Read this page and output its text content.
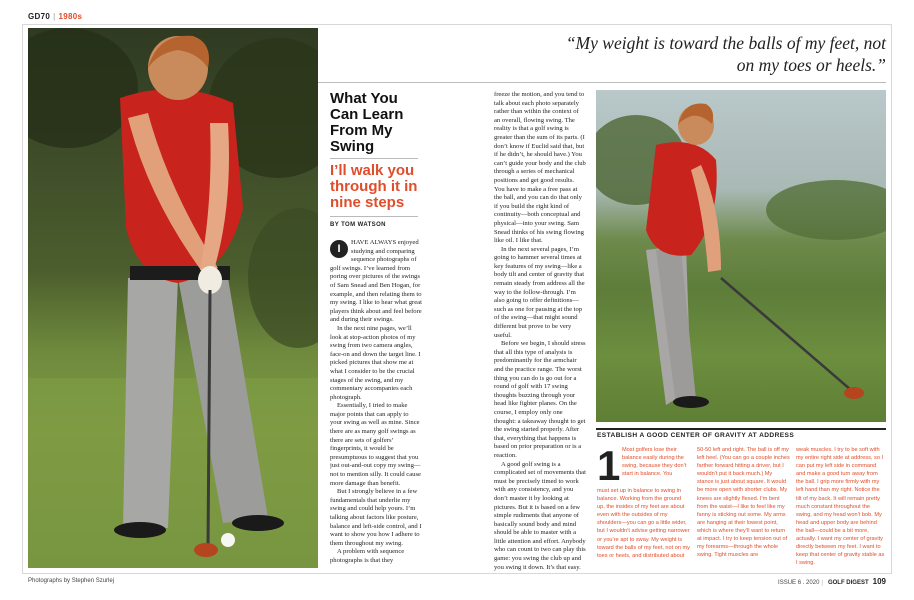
GD70 | 1980s
“My weight is toward the balls of my feet, not on my toes or heels.”
What You Can Learn From My Swing
I’ll walk you through it in nine steps
BY TOM WATSON
I

HAVE ALWAYS enjoyed studying and comparing sequence photographs of golf swings. I’ve learned from poring over pictures of the swings of Sam Snead and Ben Hogan, for example, and then relating them to my swing. I like to hear what great players think about and feel before and during their swings.

In the next nine pages, we’ll look at stop-action photos of my swing from two camera angles, face-on and down the target line. I picked pictures that show me at what I consider to be the crucial stages of the swing, and my commentary accompanies each photograph.

Essentially, I tried to make major points that can apply to your swing as well as mine. Since there are as many golf swings as there are sets of golfers’ fingerprints, it would be presumptuous to suggest that you just out-and-out copy my swing—not to mention silly. It could cause more damage than benefit.

But I strongly believe in a few fundamentals that underlie my swing and could help yours. I’m talking about factors like posture, balance and left-side control, and I want to show you how I adhere to them throughout my swing.

A problem with sequence photographs is that they

freeze the motion, and you tend to talk about each photo separately rather than within the context of an overall, flowing swing. The reality is that a golf swing is greater than the sum of its parts. (I don’t know if Euclid said that, but if he didn’t, he should have.) You can’t guide your body and the club through a series of mechanical positions and get good results. You have to make a free pass at the ball, and you can do that only if you build the right kind of continuity—both conceptual and physical—into your swing. Sam Snead thinks of his swing flowing like oil. I like that.

In the next several pages, I’m going to hammer several times at key features of my swing—like a body tilt and center of gravity that remain steady from address all the way to the follow-through. I’m also going to offer definitions—such as one for pausing at the top of the swing—that might sound different but prove to be very useful.

Before we begin, I should stress that all this type of analysis is predominantly for the armchair and the practice range. The worst thing you can do is go out for a round of golf with 17 swing thoughts buzzing through your head like fighter planes. On the course, I employ only one thought: a takeaway thought to get the swing started properly. After that, everything that happens is based on prior preparation or is a reaction.

A good golf swing is a complicated set of movements that must be precisely timed to work with any consistency, and you don’t master it by looking at pictures. But it is based on a few simple rudiments that anyone of basically sound body and mind should be able to master with a little attention and effort. Anybody who can count to two can play this game: you swing the club up and you swing it down. It’s that easy.

ESTABLISH A GOOD CENTER OF GRAVITY AT ADDRESS
1 Most golfers lose their balance easily during the swing, because they don’t start in balance. You
must set up in balance to swing in balance. Working from the ground up, the insides of my feet are about even with the outsides of my shoulders—you can go a little wider, but I wouldn’t advise getting narrower or you’re apt to sway. My weight is toward the balls of my feet, not on my toes or heels, and distributed about
50-50 left and right. The ball is off my left heel. (You can go a couple inches farther forward hitting a driver, but I wouldn’t put it back much.) My stance is just about square. It would be more open with shorter clubs. My knees are slightly flexed. I’m bent from the waist—I like to feel like my fanny is sticking out some. My arms are hanging at their lowest point, which is where they’ll want to return at impact. I try to keep tension out of my forearms—through the whole swing. Tight muscles are
weak muscles. I try to be soft with my entire right side at address, so I can put my left side in command and make a good turn away from the ball. I grip more firmly with my left hand than my right. Notice the tilt of my back. It will remain pretty much constant throughout the swing, and my head won’t bob. My head and upper body are behind the ball—could be a bit more, actually. I want my center of gravity directly between my feet. I want to keep that center of gravity stable as I swing.
Photographs by Stephen Szurlej	ISSUE 6 . 2020 | GOLF DIGEST 109
